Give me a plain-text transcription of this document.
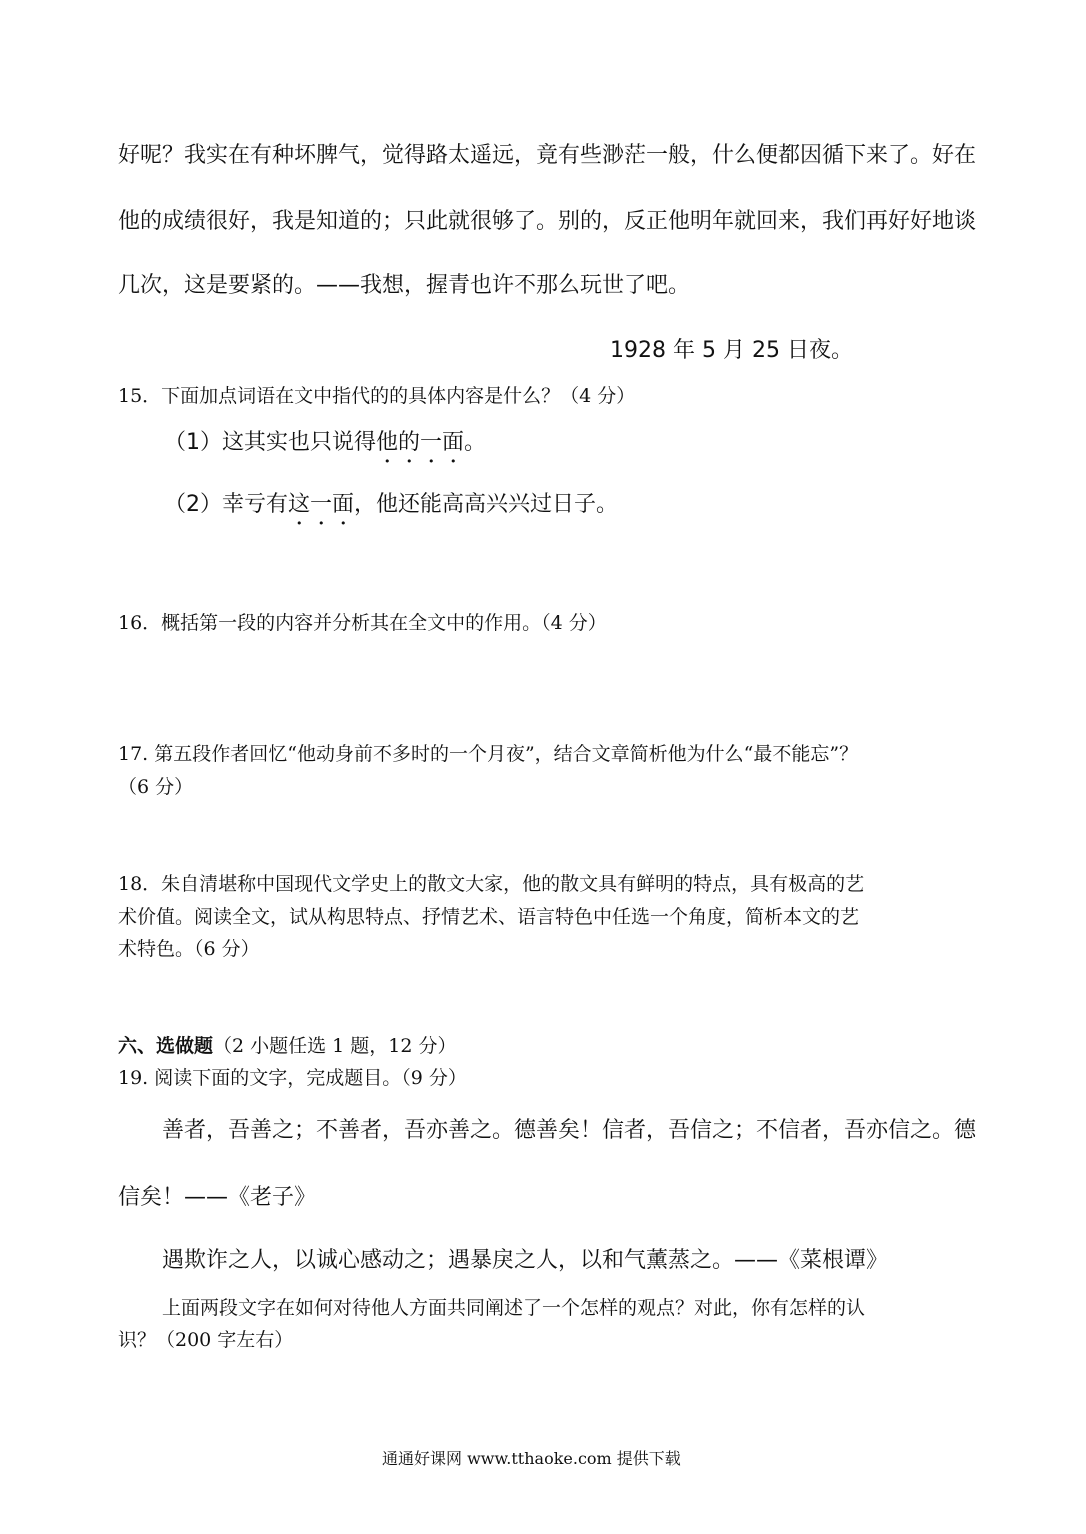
好呢？我实在有种坏脾气，觉得路太遥远，竟有些渺茫一般，什么便都因循下来了。好在
他的成绩很好，我是知道的；只此就很够了。别的，反正他明年就回来，我们再好好地谈
几次，这是要紧的。——我想，握青也许不那么玩世了吧。
1928 年 5 月 25 日夜。
15．下面加点词语在文中指代的的具体内容是什么？（4 分）
（1）这其实也只说得他的一面。
（2）幸亏有这一面，他还能高高兴兴过日子。
16．概括第一段的内容并分析其在全文中的作用。（4 分）
17. 第五段作者回忆“他动身前不多时的一个月夜”，结合文章简析他为什么“最不能忘”？
（6 分）
18．朱自清堪称中国现代文学史上的散文大家，他的散文具有鲜明的特点，具有极高的艺
术价值。阅读全文，试从构思特点、抒情艺术、语言特色中任选一个角度，简析本文的艺
术特色。（6 分）
六、选做题（2 小题任选 1 题，12 分）
19. 阅读下面的文字，完成题目。（9 分）
善者，吾善之；不善者，吾亦善之。德善矣！信者，吾信之；不信者，吾亦信之。德
信矣！——《老子》
遇欺诈之人，以诚心感动之；遇暴戾之人，以和气薰蒸之。——《菜根谭》
上面两段文字在如何对待他人方面共同阐述了一个怎样的观点？对此，你有怎样的认
识？（200 字左右）
通通好课网 www.tthaoke.com 提供下载
